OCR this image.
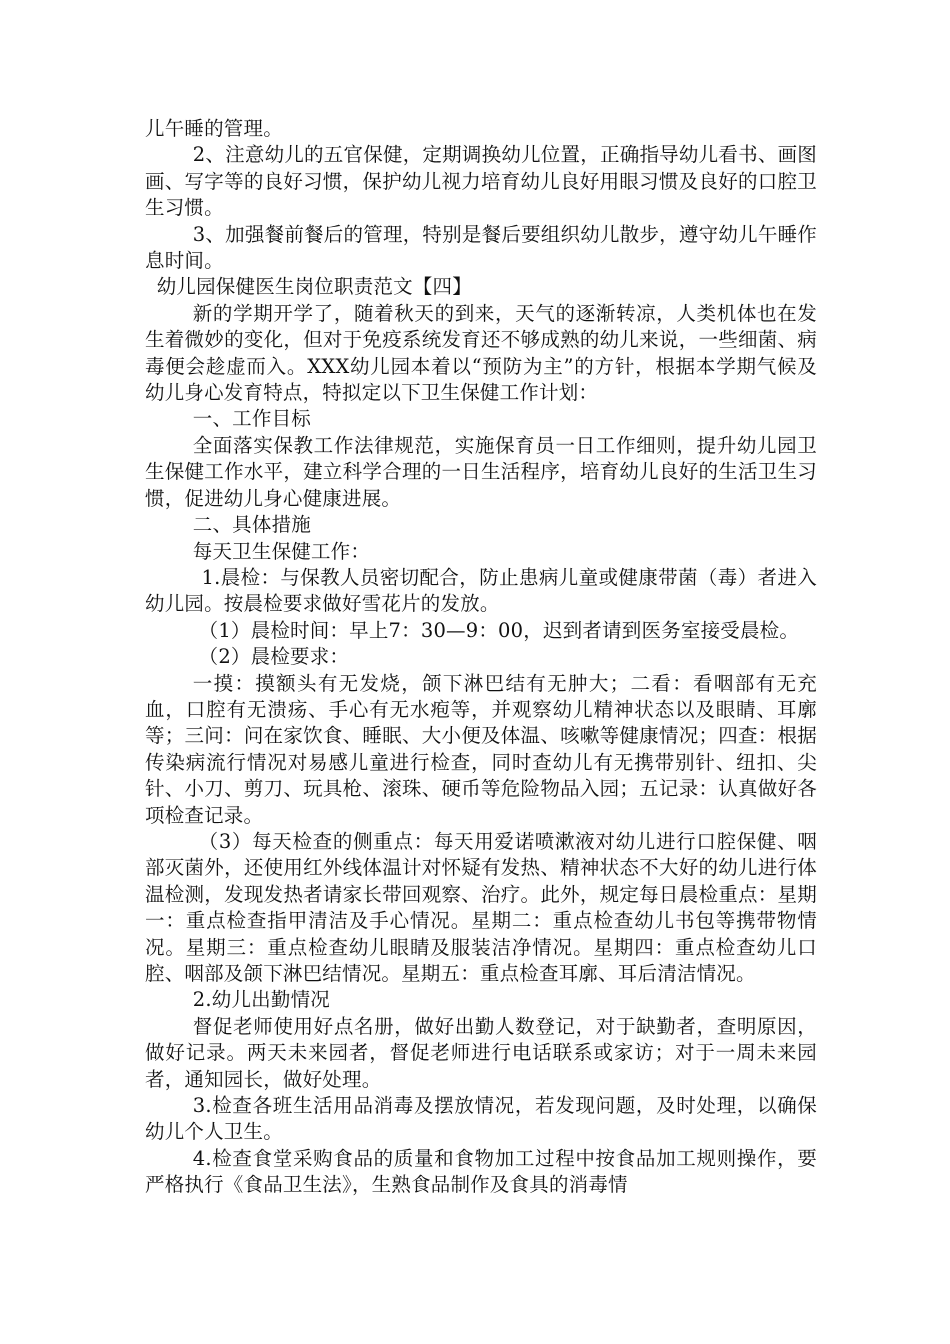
儿午睡的管理。

2、注意幼儿的五官保健，定期调换幼儿位置，正确指导幼儿看书、画图画、写字等的良好习惯，保护幼儿视力培育幼儿良好用眼习惯及良好的口腔卫生习惯。

3、加强餐前餐后的管理，特别是餐后要组织幼儿散步，遵守幼儿午睡作息时间。

幼儿园保健医生岗位职责范文【四】

新的学期开学了，随着秋天的到来，天气的逐渐转凉，人类机体也在发生着微妙的变化，但对于免疫系统发育还不够成熟的幼儿来说，一些细菌、病毒便会趁虚而入。XXX幼儿园本着以“预防为主”的方针，根据本学期气候及幼儿身心发育特点，特拟定以下卫生保健工作计划：

一、工作目标

全面落实保教工作法律规范，实施保育员一日工作细则，提升幼儿园卫生保健工作水平，建立科学合理的一日生活程序，培育幼儿良好的生活卫生习惯，促进幼儿身心健康进展。

二、具体措施

每天卫生保健工作：

1.晨检：与保教人员密切配合，防止患病儿童或健康带菌（毒）者进入幼儿园。按晨检要求做好雪花片的发放。

（1）晨检时间：早上7：30—9：00，迟到者请到医务室接受晨检。

（2）晨检要求：

一摸：摸额头有无发烧，颌下淋巴结有无肿大；二看：看咽部有无充血，口腔有无溃疡、手心有无水疱等，并观察幼儿精神状态以及眼睛、耳廓等；三问：问在家饮食、睡眠、大小便及体温、咳嗽等健康情况；四查：根据传染病流行情况对易感儿童进行检查，同时查幼儿有无携带别针、纽扣、尖针、小刀、剪刀、玩具枪、滚珠、硬币等危险物品入园；五记录：认真做好各项检查记录。

（3）每天检查的侧重点：每天用爱诺喷漱液对幼儿进行口腔保健、咽部灭菌外，还使用红外线体温计对怀疑有发热、精神状态不大好的幼儿进行体温检测，发现发热者请家长带回观察、治疗。此外，规定每日晨检重点：星期一：重点检查指甲清洁及手心情况。星期二：重点检查幼儿书包等携带物情况。星期三：重点检查幼儿眼睛及服装洁净情况。星期四：重点检查幼儿口腔、咽部及颌下淋巴结情况。星期五：重点检查耳廓、耳后清洁情况。

2.幼儿出勤情况

督促老师使用好点名册，做好出勤人数登记，对于缺勤者，查明原因，做好记录。两天未来园者，督促老师进行电话联系或家访；对于一周未来园者，通知园长，做好处理。

3.检查各班生活用品消毒及摆放情况，若发现问题，及时处理，以确保幼儿个人卫生。

4.检查食堂采购食品的质量和食物加工过程中按食品加工规则操作，要严格执行《食品卫生法》，生熟食品制作及食具的消毒情
